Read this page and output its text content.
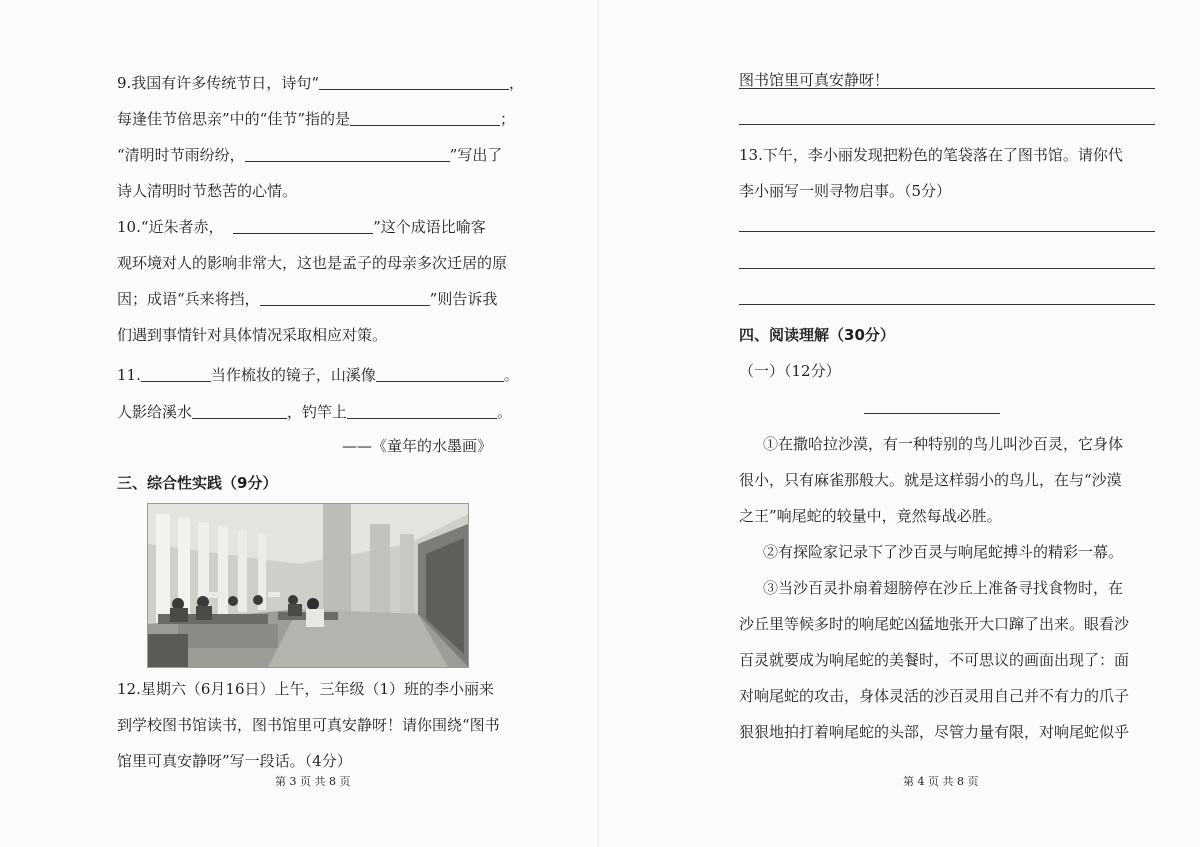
9.我国有许多传统节日，诗句“	，
每逢佳节倍思亲”中的“佳节”指的是	；
“清明时节雨纷纷，	”写出了
诗人清明时节愁苦的心情。
10.“近朱者赤，	”这个成语比喻客
观环境对人的影响非常大，这也是孟子的母亲多次迁居的原
因；成语“兵来将挡，	”则告诉我
们遇到事情针对具体情况采取相应对策。
11.	当作梳妆的镜子，山溪像	。
人影给溪水	，钓竿上	。
——《童年的水墨画》
三、综合性实践（9分）
12.星期六（6月16日）上午，三年级（1）班的李小丽来
到学校图书馆读书，图书馆里可真安静呀！请你围绕“图书
馆里可真安静呀”写一段话。（4分）
第 3 页 共 8 页
图书馆里可真安静呀！
13.下午，李小丽发现把粉色的笔袋落在了图书馆。请你代
李小丽写一则寻物启事。（5分）
四、阅读理解（30分）
（一）（12分）
①在撒哈拉沙漠，有一种特别的鸟儿叫沙百灵，它身体
很小，只有麻雀那般大。就是这样弱小的鸟儿，在与“沙漠
之王”响尾蛇的较量中，竟然每战必胜。
②有探险家记录下了沙百灵与响尾蛇搏斗的精彩一幕。
③当沙百灵扑扇着翅膀停在沙丘上准备寻找食物时，在
沙丘里等候多时的响尾蛇凶猛地张开大口蹿了出来。眼看沙
百灵就要成为响尾蛇的美餐时，不可思议的画面出现了：面
对响尾蛇的攻击，身体灵活的沙百灵用自己并不有力的爪子
狠狠地拍打着响尾蛇的头部，尽管力量有限，对响尾蛇似乎
第 4 页 共 8 页
